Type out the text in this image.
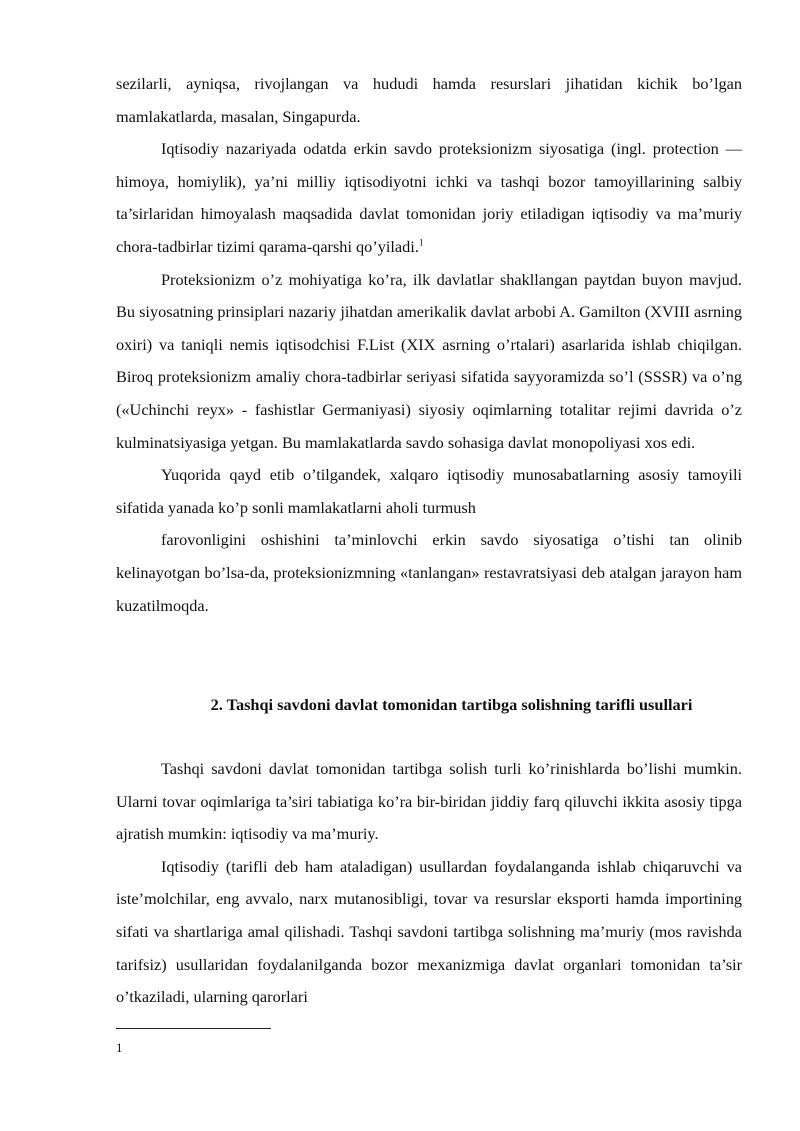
sezilarli, ayniqsa, rivojlangan va hududi hamda resurslari jihatidan kichik bo’lgan mamlakatlarda, masalan, Singapurda.

Iqtisodiy nazariyada odatda erkin savdo proteksionizm siyosatiga (ingl. protection — himoya, homiylik), ya’ni milliy iqtisodiyotni ichki va tashqi bozor tamoyillarining salbiy ta’sirlaridan himoyalash maqsadida davlat tomonidan joriy etiladigan iqtisodiy va ma’muriy chora-tadbirlar tizimi qarama-qarshi qo’yiladi.$^1$

Proteksionizm o’z mohiyatiga ko’ra, ilk davlatlar shakllangan paytdan buyon mavjud. Bu siyosatning prinsiplari nazariy jihatdan amerikalik davlat arbobi A. Gamilton (XVIII asrning oxiri) va taniqli nemis iqtisodchisi F.List (XIX asrning o’rtalari) asarlarida ishlab chiqilgan. Biroq proteksionizm amaliy chora-tadbirlar seriyasi sifatida sayyoramizda so’l (SSSR) va o’ng («Uchinchi reyx» - fashistlar Germaniyasi) siyosiy oqimlarning totalitar rejimi davrida o’z kulminatsiyasiga yetgan. Bu mamlakatlarda savdo sohasiga davlat monopoliyasi xos edi.

Yuqorida qayd etib o’tilgandek, xalqaro iqtisodiy munosabatlarning asosiy tamoyili sifatida yanada ko’p sonli mamlakatlarni aholi turmush

farovonligini oshishini ta’minlovchi erkin savdo siyosatiga o’tishi tan olinib kelinayotgan bo’lsa-da, proteksionizmning «tanlangan» restavratsiyasi deb atalgan jarayon ham kuzatilmoqda.

2. Tashqi savdoni davlat tomonidan tartibga solishning tarifli usullari

Tashqi savdoni davlat tomonidan tartibga solish turli ko’rinishlarda bo’lishi mumkin. Ularni tovar oqimlariga ta’siri tabiatiga ko’ra bir-biridan jiddiy farq qiluvchi ikkita asosiy tipga ajratish mumkin: iqtisodiy va ma’muriy.

Iqtisodiy (tarifli deb ham ataladigan) usullardan foydalanganda ishlab chiqaruvchi va iste’molchilar, eng avvalo, narx mutanosibligi, tovar va resurslar eksporti hamda importining sifati va shartlariga amal qilishadi. Tashqi savdoni tartibga solishning ma’muriy (mos ravishda tarifsiz) usullaridan foydalanilganda bozor mexanizmiga davlat organlari tomonidan ta’sir o’tkaziladi, ularning qarorlari

1
